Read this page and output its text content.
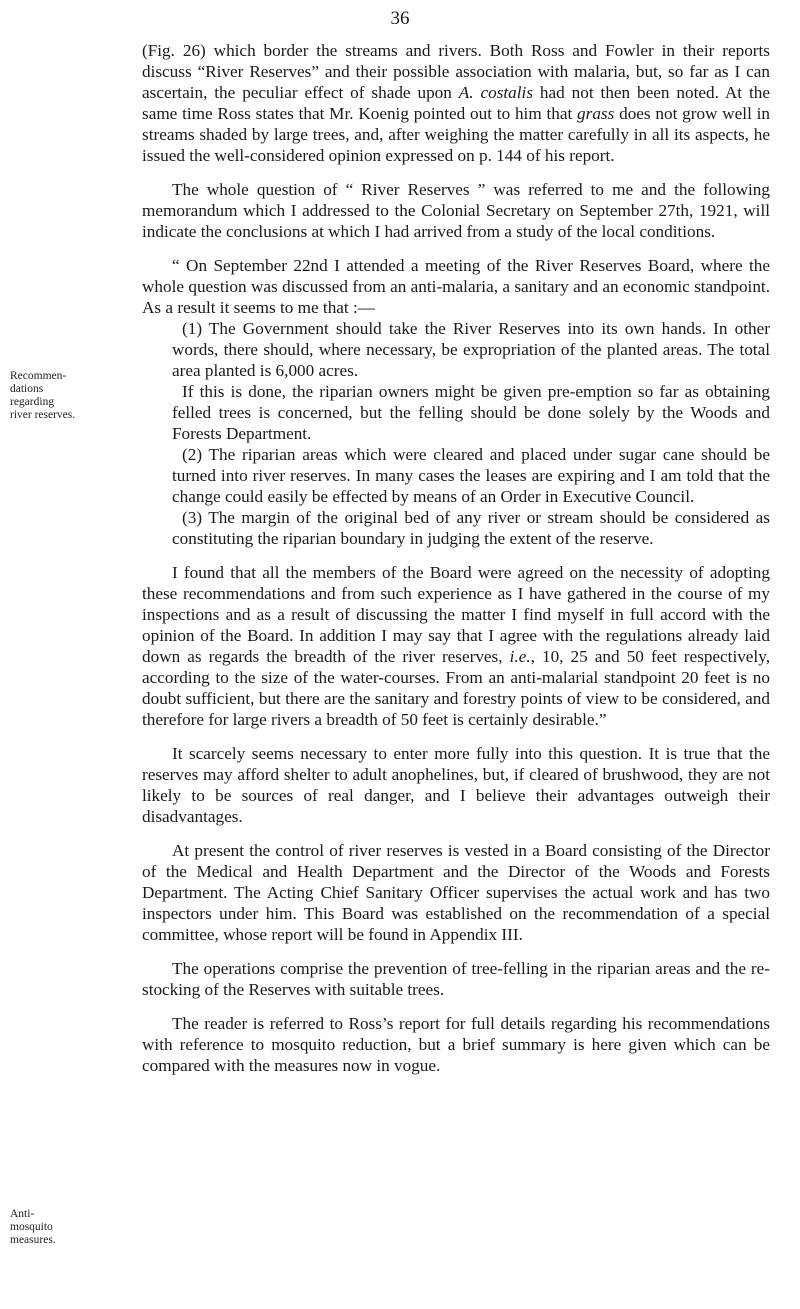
36
Recommen-
dations
regarding
river reserves.
Anti-
mosquito
measures.

(Fig. 26) which border the streams and rivers. Both Ross and Fowler in their reports discuss “River Reserves” and their possible association with malaria, but, so far as I can ascertain, the peculiar effect of shade upon A. costalis had not then been noted. At the same time Ross states that Mr. Koenig pointed out to him that grass does not grow well in streams shaded by large trees, and, after weighing the matter carefully in all its aspects, he issued the well-considered opinion expressed on p. 144 of his report.

The whole question of “ River Reserves ” was referred to me and the following memorandum which I addressed to the Colonial Secretary on September 27th, 1921, will indicate the conclusions at which I had arrived from a study of the local conditions.

“ On September 22nd I attended a meeting of the River Reserves Board, where the whole question was discussed from an anti-malaria, a sanitary and an economic standpoint. As a result it seems to me that :—

(1) The Government should take the River Reserves into its own hands. In other words, there should, where necessary, be expropriation of the planted areas. The total area planted is 6,000 acres.

If this is done, the riparian owners might be given pre-emption so far as obtaining felled trees is concerned, but the felling should be done solely by the Woods and Forests Department.

(2) The riparian areas which were cleared and placed under sugar cane should be turned into river reserves. In many cases the leases are expiring and I am told that the change could easily be effected by means of an Order in Executive Council.

(3) The margin of the original bed of any river or stream should be considered as constituting the riparian boundary in judging the extent of the reserve.

I found that all the members of the Board were agreed on the necessity of adopting these recommendations and from such experience as I have gathered in the course of my inspections and as a result of discussing the matter I find myself in full accord with the opinion of the Board. In addition I may say that I agree with the regulations already laid down as regards the breadth of the river reserves, i.e., 10, 25 and 50 feet respectively, according to the size of the water-courses. From an anti-malarial standpoint 20 feet is no doubt sufficient, but there are the sanitary and forestry points of view to be considered, and therefore for large rivers a breadth of 50 feet is certainly desirable.”

It scarcely seems necessary to enter more fully into this question. It is true that the reserves may afford shelter to adult anophelines, but, if cleared of brushwood, they are not likely to be sources of real danger, and I believe their advantages outweigh their disadvantages.

At present the control of river reserves is vested in a Board consisting of the Director of the Medical and Health Department and the Director of the Woods and Forests Department. The Acting Chief Sanitary Officer supervises the actual work and has two inspectors under him. This Board was established on the recommendation of a special committee, whose report will be found in Appendix III.

The operations comprise the prevention of tree-felling in the riparian areas and the re-stocking of the Reserves with suitable trees.

The reader is referred to Ross’s report for full details regarding his recommendations with reference to mosquito reduction, but a brief summary is here given which can be compared with the measures now in vogue.
